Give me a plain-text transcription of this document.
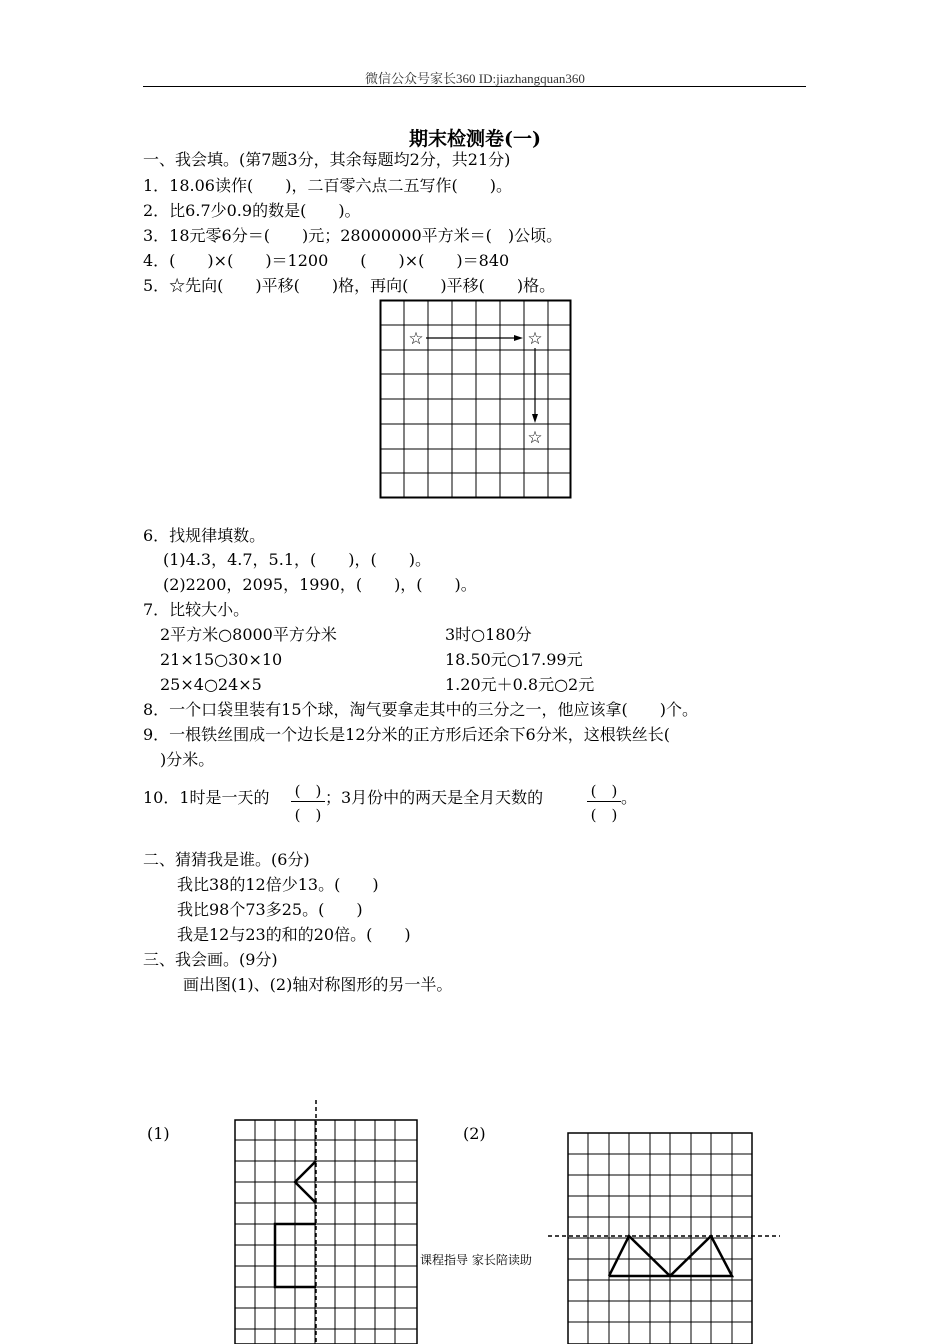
微信公众号家长360 ID:jiazhangquan360
期末检测卷(一)
一、我会填。(第7题3分，其余每题均2分，共21分)
1．18.06读作(　　)，二百零六点二五写作(　　)。
2．比6.7少0.9的数是(　　)。
3．18元零6分＝(　　)元；28000000平方米＝(　)公顷。
4．(　　)×(　　)＝1200　　(　　)×(　　)＝840
5．☆先向(　　)平移(　　)格，再向(　　)平移(　　)格。
☆	☆
☆
6．找规律填数。
(1)4.3，4.7，5.1，(　　)，(　　)。
(2)2200，2095，1990，(　　)，(　　)。
7．比较大小。
2平方米○8000平方分米	3时○180分
21×15○30×10	18.50元○17.99元
25×4○24×5	1.20元＋0.8元○2元
8．一个口袋里装有15个球，淘气要拿走其中的三分之一，他应该拿(　　)个。
9．一根铁丝围成一个边长是12分米的正方形后还余下6分米，这根铁丝长(
)分米。
10．1时是一天的 (　)
(　)
；3月份中的两天是全月天数的	(　)
(　)
。
二、猜猜我是谁。(6分)
我比38的12倍少13。(　　)
我比98个73多25。(　　)
我是12与23的和的20倍。(　　)
三、我会画。(9分)
画出图(1)、(2)轴对称图形的另一半。
(1)	(2)
课程指导 家长陪读助
